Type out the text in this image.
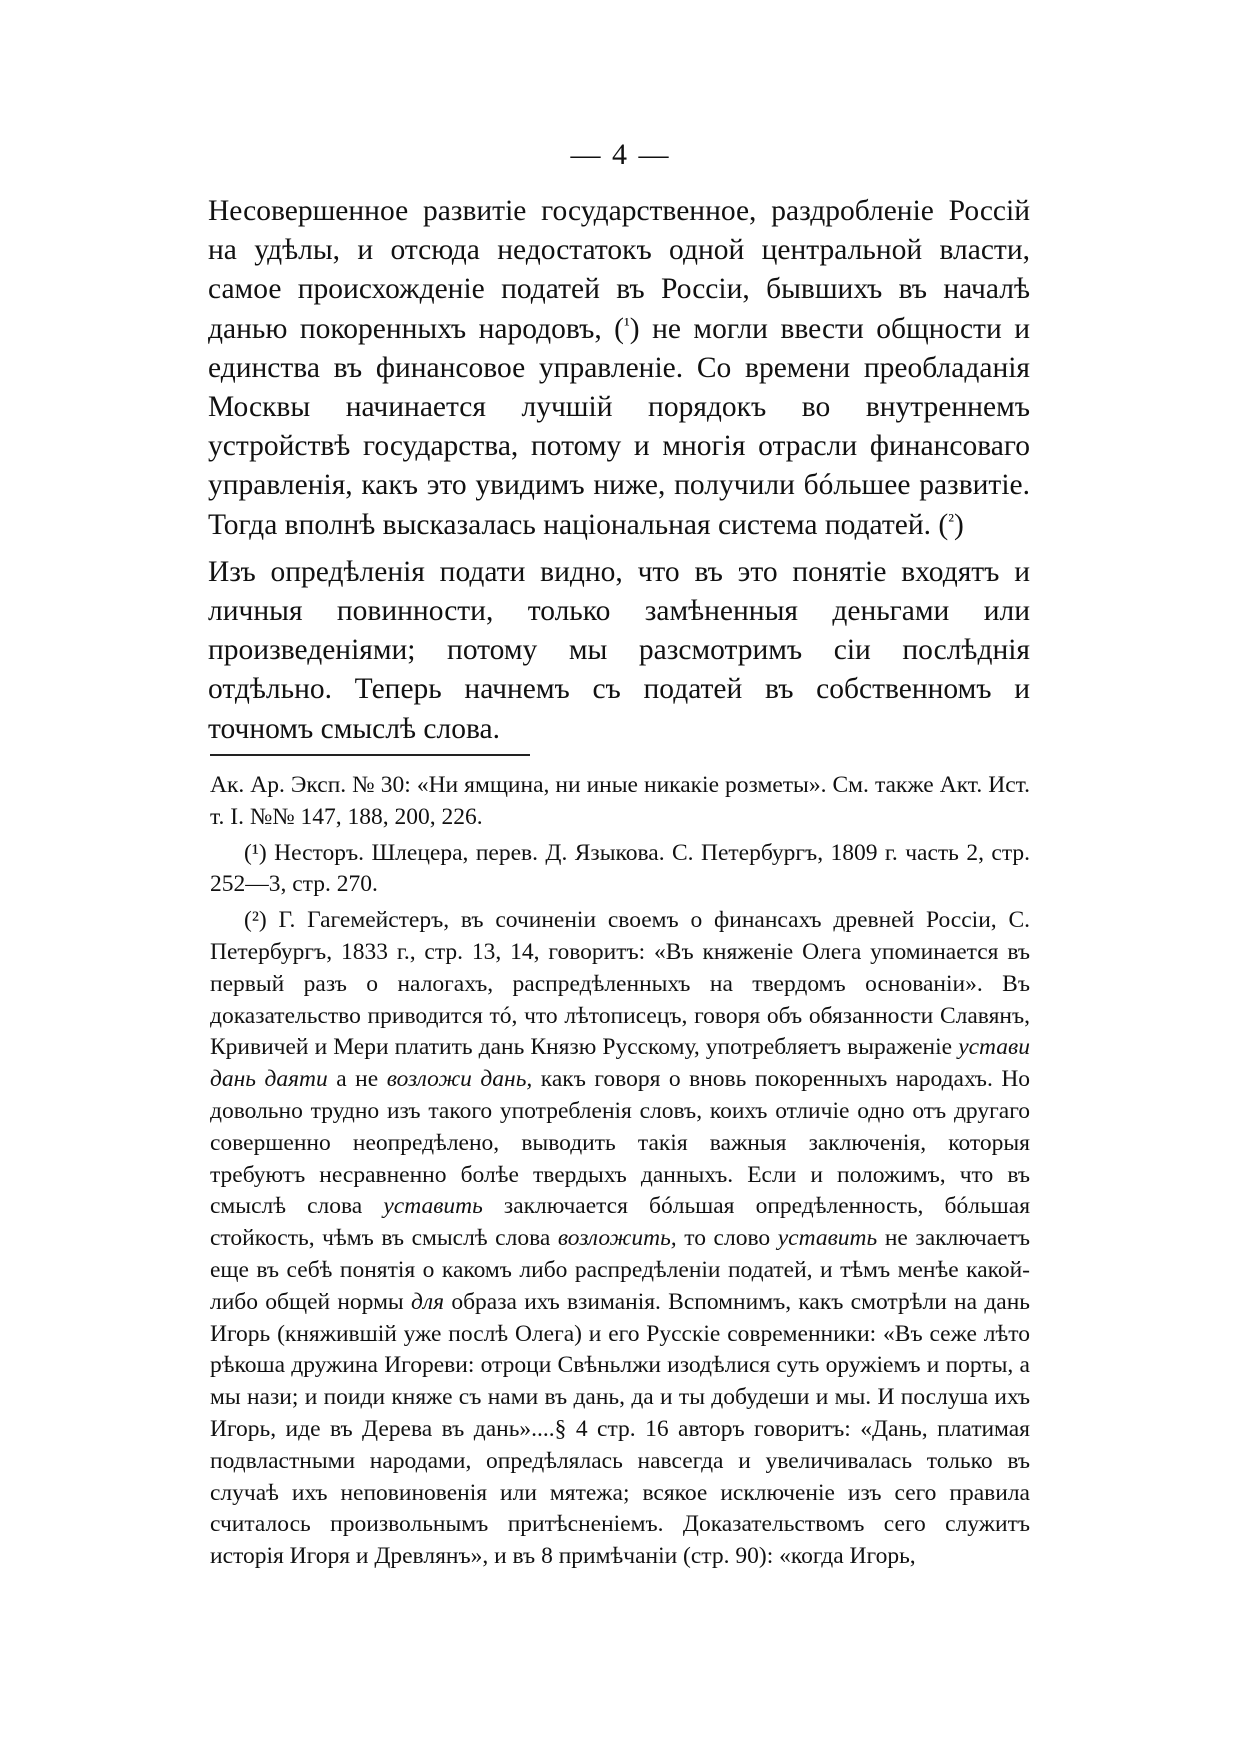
— 4 —

Несовершенное развитіе государственное, раздробленіе Россій на удѣлы, и отсюда недостатокъ одной центральной власти, самое происхожденіе податей въ Россіи, бывшихъ въ началѣ данью покоренныхъ народовъ, ($^{^1}$) не могли ввести общности и единства въ финансовое управленіе. Со времени преобладанія Москвы начинается лучшій порядокъ во внутреннемъ устройствѣ государства, потому и многія отрасли финансоваго управленія, какъ это увидимъ ниже, получили бóльшее развитіе. Тогда вполнѣ высказалась національная система податей. ($^{^2}$)

Изъ опредѣленія подати видно, что въ это понятіе входятъ и личныя повинности, только замѣненныя деньгами или произведеніями; потому мы разсмотримъ сіи послѣднія отдѣльно. Теперь начнемъ съ податей въ собственномъ и точномъ смыслѣ слова.

Ак. Ар. Эксп. № 30: «Ни ямщина, ни иные никакіе розметы». См. также Акт. Ист. т. I. №№ 147, 188, 200, 226.

(¹) Несторъ. Шлецера, перев. Д. Языкова. С. Петербургъ, 1809 г. часть 2, стр. 252—3, стр. 270.

(²) Г. Гагемейстеръ, въ сочиненіи своемъ о финансахъ древней Россіи, С. Петербургъ, 1833 г., стр. 13, 14, говоритъ: «Въ княженіе Олега упоминается въ первый разъ о налогахъ, распредѣленныхъ на твердомъ основаніи». Въ доказательство приводится тó, что лѣтописецъ, говоря объ обязанности Славянъ, Кривичей и Мери платить дань Князю Русскому, употребляетъ выраженіе устави дань даяти а не возложи дань, какъ говоря о вновь покоренныхъ народахъ. Но довольно трудно изъ такого употребленія словъ, коихъ отличіе одно отъ другаго совершенно неопредѣлено, выводить такія важныя заключенія, которыя требуютъ несравненно болѣе твердыхъ данныхъ. Если и положимъ, что въ смыслѣ слова уставить заключается бóльшая опредѣленность, бóльшая стойкость, чѣмъ въ смыслѣ слова возложить, то слово уставить не заключаетъ еще въ себѣ понятія о какомъ либо распредѣленіи податей, и тѣмъ менѣе какой-либо общей нормы для образа ихъ взиманія. Вспомнимъ, какъ смотрѣли на дань Игорь (княжившій уже послѣ Олега) и его Русскіе современники: «Въ сеже лѣто рѣкоша дружина Игореви: отроци Свѣньлжи изодѣлися суть оружіемъ и порты, а мы нази; и поиди княже съ нами въ дань, да и ты добудеши и мы. И послуша ихъ Игорь, иде въ Дерева въ дань»....§ 4 стр. 16 авторъ говоритъ: «Дань, платимая подвластными народами, опредѣлялась навсегда и увеличивалась только въ случаѣ ихъ неповиновенія или мятежа; всякое исключеніе изъ сего правила считалось произвольнымъ притѣсненіемъ. Доказательствомъ сего служитъ исторія Игоря и Древлянъ», и въ 8 примѣчаніи (стр. 90): «когда Игорь,
